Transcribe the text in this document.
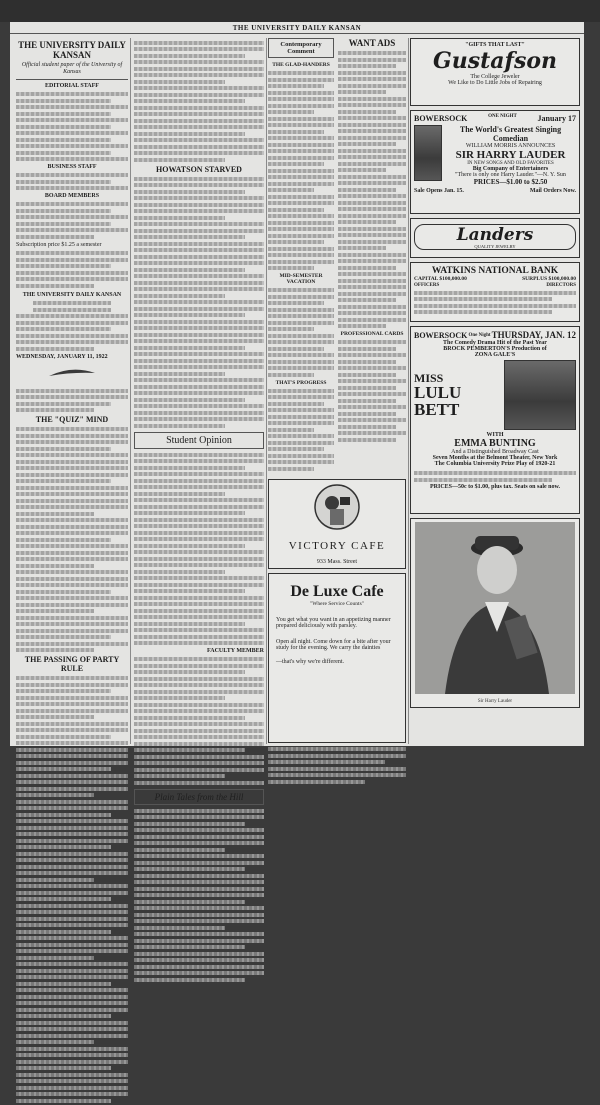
THE UNIVERSITY DAILY KANSAN
THE UNIVERSITY DAILY KANSAN
Official student paper of the University of Kansas
EDITORIAL STAFF
BUSINESS STAFF
BOARD MEMBERS
Subscription price $1.25 a semester
THE UNIVERSITY DAILY KANSAN
WEDNESDAY, JANUARY 11, 1922
THE "QUIZ" MIND
THE PASSING OF PARTY RULE
HOWATSON STARVED
Student Opinion
FACULTY MEMBER
Plain Tales from the Hill
Contemporary Comment
THE GLAD-HANDERS
MID-SEMESTER VACATION
THAT'S PROGRESS
WANT ADS
PROFESSIONAL CARDS
VICTORY CAFE
933 Mass. Street
De Luxe Cafe
"Where Service Counts"
You get what you want in an appetizing manner prepared deliciously with parsley.
Open all night. Come down for a bite after your study for the evening. We carry the dainties
—that's why we're different.
"GIFTS THAT LAST"
Gustafson
The College Jeweler
We Like to Do Little Jobs of Repairing
BOWERSOCK	ONE NIGHT	January 17
The World's Greatest Singing Comedian
WILLIAM MORRIS ANNOUNCES
SIR HARRY LAUDER
IN NEW SONGS AND OLD FAVORITES
Big Company of Entertainers
"There is only one Harry Lauder."—N. Y. Sun
PRICES—$1.00 to $2.50
Sale Opens Jan. 15.	Mail Orders Now.
Landers
QUALITY JEWELRY
WATKINS NATIONAL BANK
CAPITAL $100,000.00	SURPLUS $100,000.00
OFFICERS	DIRECTORS
BOWERSOCK One Night THURSDAY, JAN. 12
The Comedy Drama Hit of the Past Year
BROCK PEMBERTON'S Production of
ZONA GALE'S
MISS
LULU BETT
WITH
EMMA BUNTING
And a Distinguished Broadway Cast
Seven Months at the Belmont Theater, New York
The Columbia University Prize Play of 1920-21
PRICES—50c to $1.00, plus tax. Seats on sale now.
Sir Harry Lauder
